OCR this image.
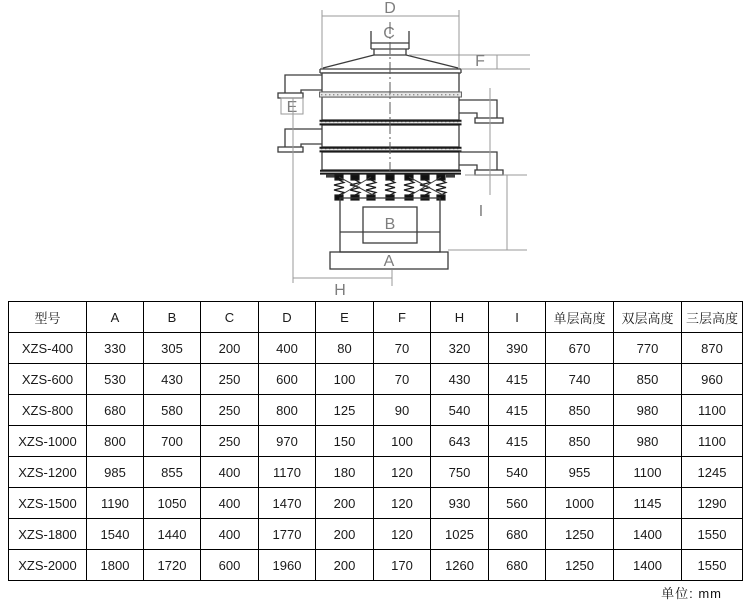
D
C
F
E
I
B
A
H
型号	A	B	C	D	E	F	H	I	单层高度	双层高度	三层高度
XZS-400	330	305	200	400	80	70	320	390	670	770	870
XZS-600	530	430	250	600	100	70	430	415	740	850	960
XZS-800	680	580	250	800	125	90	540	415	850	980	1100
XZS-1000	800	700	250	970	150	100	643	415	850	980	1100
XZS-1200	985	855	400	1170	180	120	750	540	955	1100	1245
XZS-1500	1190	1050	400	1470	200	120	930	560	1000	1145	1290
XZS-1800	1540	1440	400	1770	200	120	1025	680	1250	1400	1550
XZS-2000	1800	1720	600	1960	200	170	1260	680	1250	1400	1550
单位: mm
